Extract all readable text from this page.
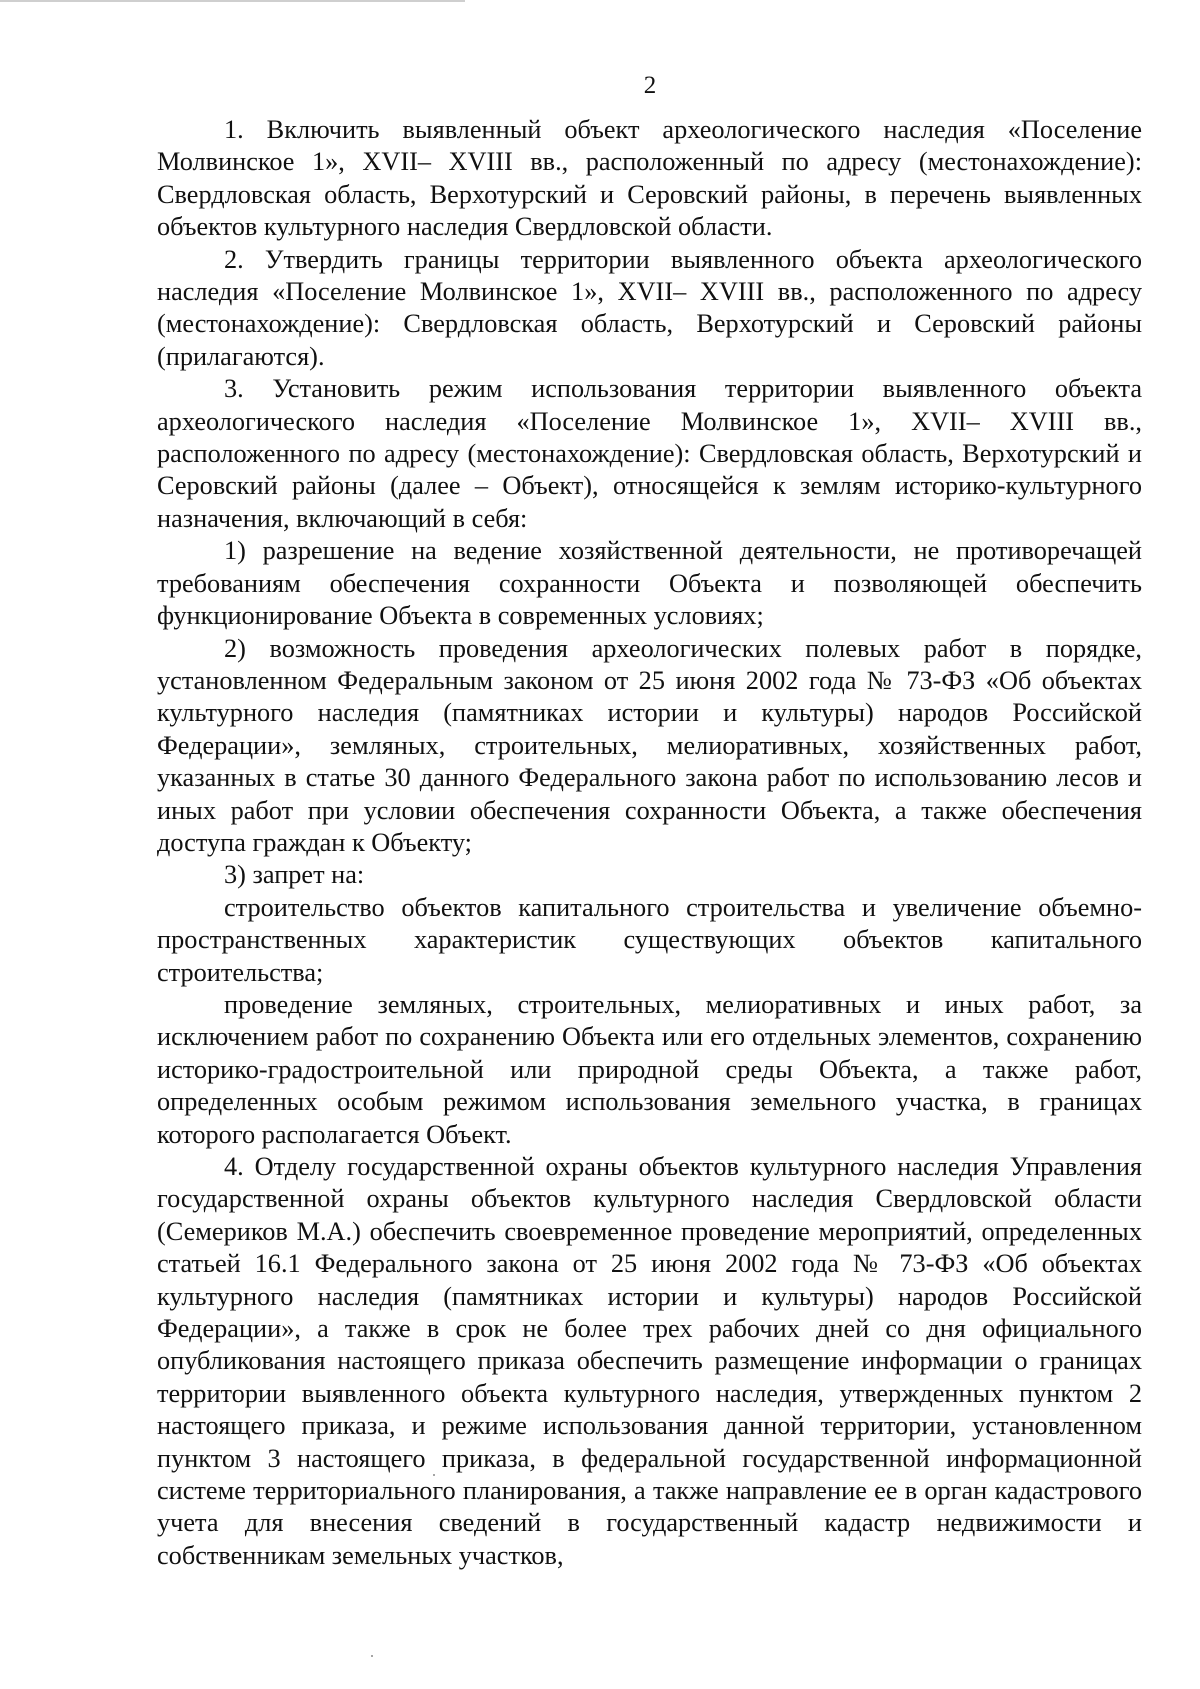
2

1. Включить выявленный объект археологического наследия «Поселение Молвинское 1», XVII– XVIII вв., расположенный по адресу (местонахождение): Свердловская область, Верхотурский и Серовский районы, в перечень выявленных объектов культурного наследия Свердловской области.

2. Утвердить границы территории выявленного объекта археологического наследия «Поселение Молвинское 1», XVII– XVIII вв., расположенного по адресу (местонахождение): Свердловская область, Верхотурский и Серовский районы (прилагаются).

3. Установить режим использования территории выявленного объекта археологического наследия «Поселение Молвинское 1», XVII– XVIII вв., расположенного по адресу (местонахождение): Свердловская область, Верхотурский и Серовский районы (далее – Объект), относящейся к землям историко-культурного назначения, включающий в себя:

1) разрешение на ведение хозяйственной деятельности, не противоречащей требованиям обеспечения сохранности Объекта и позволяющей обеспечить функционирование Объекта в современных условиях;

2) возможность проведения археологических полевых работ в порядке, установленном Федеральным законом от 25 июня 2002 года № 73-ФЗ «Об объектах культурного наследия (памятниках истории и культуры) народов Российской Федерации», земляных, строительных, мелиоративных, хозяйственных работ, указанных в статье 30 данного Федерального закона работ по использованию лесов и иных работ при условии обеспечения сохранности Объекта, а также обеспечения доступа граждан к Объекту;

3) запрет на:

строительство объектов капитального строительства и увеличение объемно-пространственных характеристик существующих объектов капитального строительства;

проведение земляных, строительных, мелиоративных и иных работ, за исключением работ по сохранению Объекта или его отдельных элементов, сохранению историко-градостроительной или природной среды Объекта, а также работ, определенных особым режимом использования земельного участка, в границах которого располагается Объект.

4. Отделу государственной охраны объектов культурного наследия Управления государственной охраны объектов культурного наследия Свердловской области (Семериков М.А.) обеспечить своевременное проведение мероприятий, определенных статьей 16.1 Федерального закона от 25 июня 2002 года № 73-ФЗ «Об объектах культурного наследия (памятниках истории и культуры) народов Российской Федерации», а также в срок не более трех рабочих дней со дня официального опубликования настоящего приказа обеспечить размещение информации о границах территории выявленного объекта культурного наследия, утвержденных пунктом 2 настоящего приказа, и режиме использования данной территории, установленном пунктом 3 настоящего приказа, в федеральной государственной информационной системе территориального планирования, а также направление ее в орган кадастрового учета для внесения сведений в государственный кадастр недвижимости и собственникам земельных участков,
